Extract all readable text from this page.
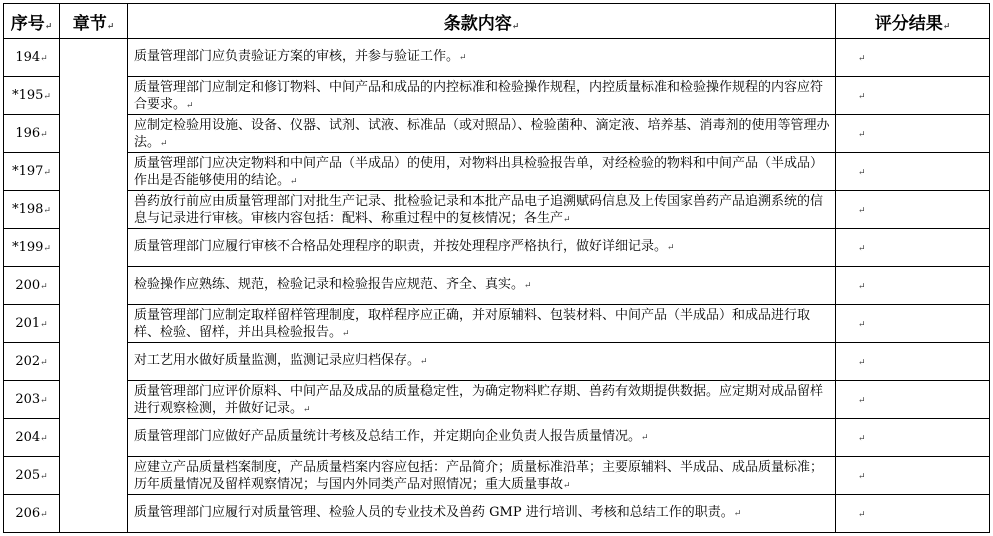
序号↵	章节↵	条款内容↵	评分结果↵
194↵		质量管理部门应负责验证方案的审核，并参与验证工作。↵	↵
*195↵		质量管理部门应制定和修订物料、中间产品和成品的内控标准和检验操作规程，内控质量标准和检验操作规程的内容应符合要求。↵	↵
196↵		应制定检验用设施、设备、仪器、试剂、试液、标准品（或对照品）、检验菌种、滴定液、培养基、消毒剂的使用等管理办法。↵	↵
*197↵		质量管理部门应决定物料和中间产品（半成品）的使用，对物料出具检验报告单，对经检验的物料和中间产品（半成品）作出是否能够使用的结论。↵	↵
*198↵		兽药放行前应由质量管理部门对批生产记录、批检验记录和本批产品电子追溯赋码信息及上传国家兽药产品追溯系统的信息与记录进行审核。审核内容包括：配料、称重过程中的复核情况；各生产↵	↵
*199↵		质量管理部门应履行审核不合格品处理程序的职责，并按处理程序严格执行，做好详细记录。↵	↵
200↵		检验操作应熟练、规范，检验记录和检验报告应规范、齐全、真实。↵	↵
201↵		质量管理部门应制定取样留样管理制度，取样程序应正确，并对原辅料、包装材料、中间产品（半成品）和成品进行取样、检验、留样，并出具检验报告。↵	↵
202↵		对工艺用水做好质量监测，监测记录应归档保存。↵	↵
203↵		质量管理部门应评价原料、中间产品及成品的质量稳定性，为确定物料贮存期、兽药有效期提供数据。应定期对成品留样进行观察检测，并做好记录。↵	↵
204↵		质量管理部门应做好产品质量统计考核及总结工作，并定期向企业负责人报告质量情况。↵	↵
205↵		应建立产品质量档案制度，产品质量档案内容应包括：产品简介；质量标准沿革；主要原辅料、半成品、成品质量标准；历年质量情况及留样观察情况；与国内外同类产品对照情况；重大质量事故↵	↵
206↵		质量管理部门应履行对质量管理、检验人员的专业技术及兽药 GMP 进行培训、考核和总结工作的职责。↵	↵
